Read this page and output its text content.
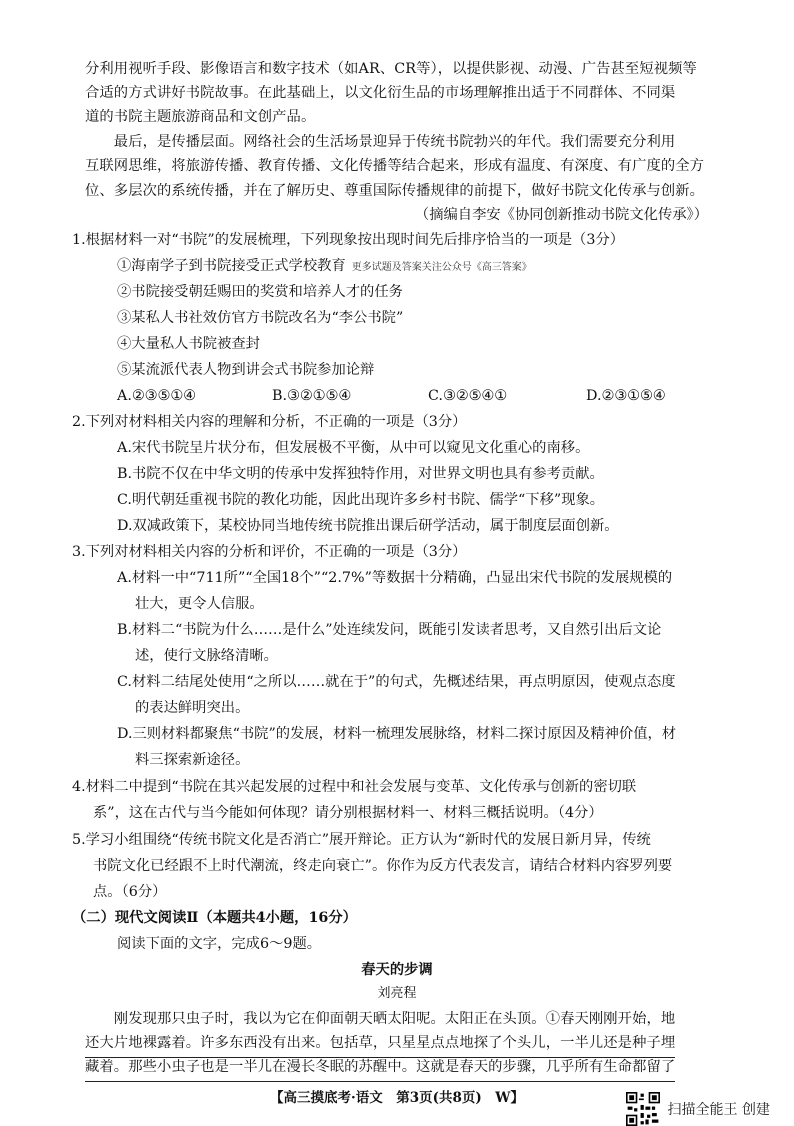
分利用视听手段、影像语言和数字技术（如AR、CR等），以提供影视、动漫、广告甚至短视频等
合适的方式讲好书院故事。在此基础上，以文化衍生品的市场理解推出适于不同群体、不同渠
道的书院主题旅游商品和文创产品。
　　最后，是传播层面。网络社会的生活场景迎异于传统书院勃兴的年代。我们需要充分利用
互联网思维，将旅游传播、教育传播、文化传播等结合起来，形成有温度、有深度、有广度的全方
位、多层次的系统传播，并在了解历史、尊重国际传播规律的前提下，做好书院文化传承与创新。
（摘编自李安《协同创新推动书院文化传承》）
1.根据材料一对“书院”的发展梳理，下列现象按出现时间先后排序恰当的一项是（3分）
①海南学子到书院接受正式学校教育 更多试题及答案关注公众号《高三答案》
②书院接受朝廷赐田的奖赏和培养人才的任务
③某私人书社效仿官方书院改名为“李公书院”
④大量私人书院被查封
⑤某流派代表人物到讲会式书院参加论辩
A.②③⑤①④	B.③②①⑤④	C.③②⑤④①	D.②③①⑤④
2.下列对材料相关内容的理解和分析，不正确的一项是（3分）
A.宋代书院呈片状分布，但发展极不平衡，从中可以窥见文化重心的南移。
B.书院不仅在中华文明的传承中发挥独特作用，对世界文明也具有参考贡献。
C.明代朝廷重视书院的教化功能，因此出现许多乡村书院、儒学“下移”现象。
D.双减政策下，某校协同当地传统书院推出课后研学活动，属于制度层面创新。
3.下列对材料相关内容的分析和评价，不正确的一项是（3分）
A.材料一中“711所”“全国18个”“2.7%”等数据十分精确，凸显出宋代书院的发展规模的
壮大，更令人信服。
B.材料二“书院为什么……是什么”处连续发问，既能引发读者思考，又自然引出后文论
述，使行文脉络清晰。
C.材料二结尾处使用“之所以……就在于”的句式，先概述结果，再点明原因，使观点态度
的表达鲜明突出。
D.三则材料都聚焦“书院”的发展，材料一梳理发展脉络，材料二探讨原因及精神价值，材
料三探索新途径。
4.材料二中提到“书院在其兴起发展的过程中和社会发展与变革、文化传承与创新的密切联
系”，这在古代与当今能如何体现？请分别根据材料一、材料三概括说明。（4分）
5.学习小组围绕“传统书院文化是否消亡”展开辩论。正方认为“新时代的发展日新月异，传统
书院文化已经跟不上时代潮流，终走向衰亡”。你作为反方代表发言，请结合材料内容罗列要
点。（6分）
（二）现代文阅读Ⅱ（本题共4小题，16分）
阅读下面的文字，完成6～9题。
春天的步调
刘亮程
　　刚发现那只虫子时，我以为它在仰面朝天晒太阳呢。太阳正在头顶。①春天刚刚开始，地
还大片地裸露着。许多东西没有出来。包括草，只星星点点地探了个头儿，一半儿还是种子埋
藏着。那些小虫子也是一半儿在漫长冬眠的苏醒中。这就是春天的步骤，几乎所有生命都留了
【高三摸底考·语文　第3页(共8页)　W】
扫描全能王 创建
